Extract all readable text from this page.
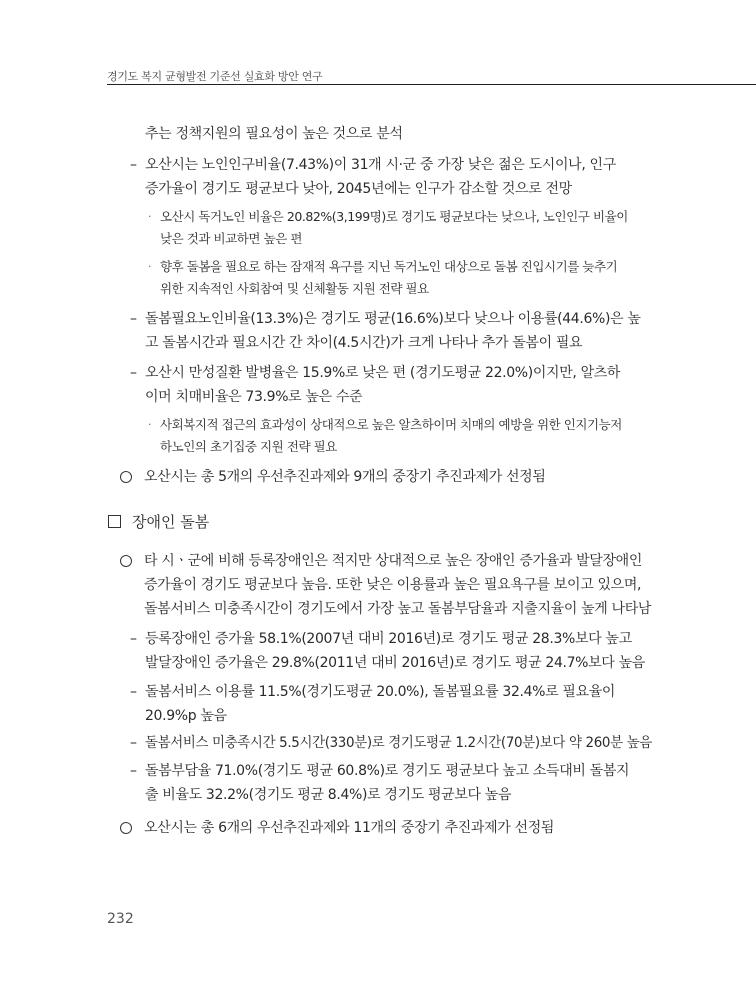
경기도 복지 균형발전 기준선 실효화 방안 연구
추는 정책지원의 필요성이 높은 것으로 분석
– 오산시는 노인인구비율(7.43%)이 31개 시·군 중 가장 낮은 젊은 도시이나, 인구
증가율이 경기도 평균보다 낮아, 2045년에는 인구가 감소할 것으로 전망
· 오산시 독거노인 비율은 20.82%(3,199명)로 경기도 평균보다는 낮으나, 노인인구 비율이
낮은 것과 비교하면 높은 편
· 향후 돌봄을 필요로 하는 잠재적 욕구를 지닌 독거노인 대상으로 돌봄 진입시기를 늦추기
위한 지속적인 사회참여 및 신체활동 지원 전략 필요
– 돌봄필요노인비율(13.3%)은 경기도 평균(16.6%)보다 낮으나 이용률(44.6%)은 높
고 돌봄시간과 필요시간 간 차이(4.5시간)가 크게 나타나 추가 돌봄이 필요
– 오산시 만성질환 발병율은 15.9%로 낮은 편 (경기도평균 22.0%)이지만, 알츠하
이머 치매비율은 73.9%로 높은 수준
· 사회복지적 접근의 효과성이 상대적으로 높은 알츠하이머 치매의 예방을 위한 인지기능저
하노인의 초기집중 지원 전략 필요
오산시는 총 5개의 우선추진과제와 9개의 중장기 추진과제가 선정됨
장애인 돌봄
타 시ㆍ군에 비해 등록장애인은 적지만 상대적으로 높은 장애인 증가율과 발달장애인
증가율이 경기도 평균보다 높음. 또한 낮은 이용률과 높은 필요욕구를 보이고 있으며,
돌봄서비스 미충족시간이 경기도에서 가장 높고 돌봄부담율과 지출지율이 높게 나타남
– 등록장애인 증가율 58.1%(2007년 대비 2016년)로 경기도 평균 28.3%보다 높고
발달장애인 증가율은 29.8%(2011년 대비 2016년)로 경기도 평균 24.7%보다 높음
– 돌봄서비스 이용률 11.5%(경기도평균 20.0%), 돌봄필요률 32.4%로 필요율이
20.9%p 높음
– 돌봄서비스 미충족시간 5.5시간(330분)로 경기도평균 1.2시간(70분)보다 약 260분 높음
– 돌봄부담율 71.0%(경기도 평균 60.8%)로 경기도 평균보다 높고 소득대비 돌봄지
출 비율도 32.2%(경기도 평균 8.4%)로 경기도 평균보다 높음
오산시는 총 6개의 우선추진과제와 11개의 중장기 추진과제가 선정됨
232
